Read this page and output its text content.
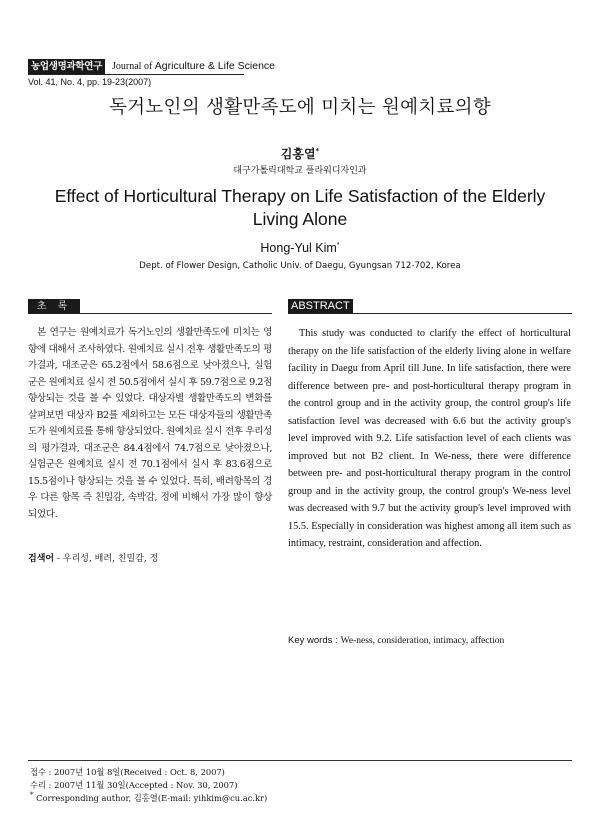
농업생명과학연구 Journal of Agriculture & Life Science
Vol. 41, No. 4, pp. 19-23(2007)
독거노인의 생활만족도에 미치는 원예치료의향
김홍열*
대구가톨릭대학교 플라워디자인과
Effect of Horticultural Therapy on Life Satisfaction of the Elderly Living Alone
Hong-Yul Kim*
Dept. of Flower Design, Catholic Univ. of Daegu, Gyungsan 712-702, Korea
초 록

본 연구는 원예치료가 독거노인의 생활만족도에 미치는 영향에 대해서 조사하였다. 원예치료 실시 전후 생활만족도의 평가결과, 대조군은 65.2점에서 58.6점으로 낮아졌으나, 실험군은 원예치료 실시 전 50.5점에서 실시 후 59.7점으로 9.2점 향상되는 것을 볼 수 있었다. 대상자별 생활만족도의 변화를 살펴보면 대상자 B2를 제외하고는 모든 대상자들의 생활만족도가 원예치료를 통해 향상되었다. 원예치료 실시 전후 우리성의 평가결과, 대조군은 84.4점에서 74.7점으로 낮아졌으나, 실험군은 원예치료 실시 전 70.1점에서 실시 후 83.6점으로 15.5점이나 향상되는 것을 볼 수 있었다. 특히, 배려항목의 경우 다른 항목 즉 친밀감, 속박감, 정에 비해서 가장 많이 향상되었다.

검색어 - 우리성, 배려, 친밀감, 정
ABSTRACT

This study was conducted to clarify the effect of horticultural therapy on the life satisfaction of the elderly living alone in welfare facility in Daegu from April till June. In life satisfaction, there were difference between pre- and post-horticultural therapy program in the control group and in the activity group, the control group's life satisfaction level was decreased with 6.6 but the activity group's level improved with 9.2. Life satisfaction level of each clients was improved but not B2 client. In We-ness, there were difference between pre- and post-horticultural therapy program in the control group and in the activity group, the control group's We-ness level was decreased with 9.7 but the activity group's level improved with 15.5. Especially in consideration was highest among all item such as intimacy, restraint, consideration and affection.

Key words : We-ness, consideration, intimacy, affection
접수 : 2007년 10월 8일(Received : Oct. 8, 2007)
수리 : 2007년 11월 30일(Accepted : Nov. 30, 2007)
* Corresponding author, 김홍열(E-mail: yihkim@cu.ac.kr)
